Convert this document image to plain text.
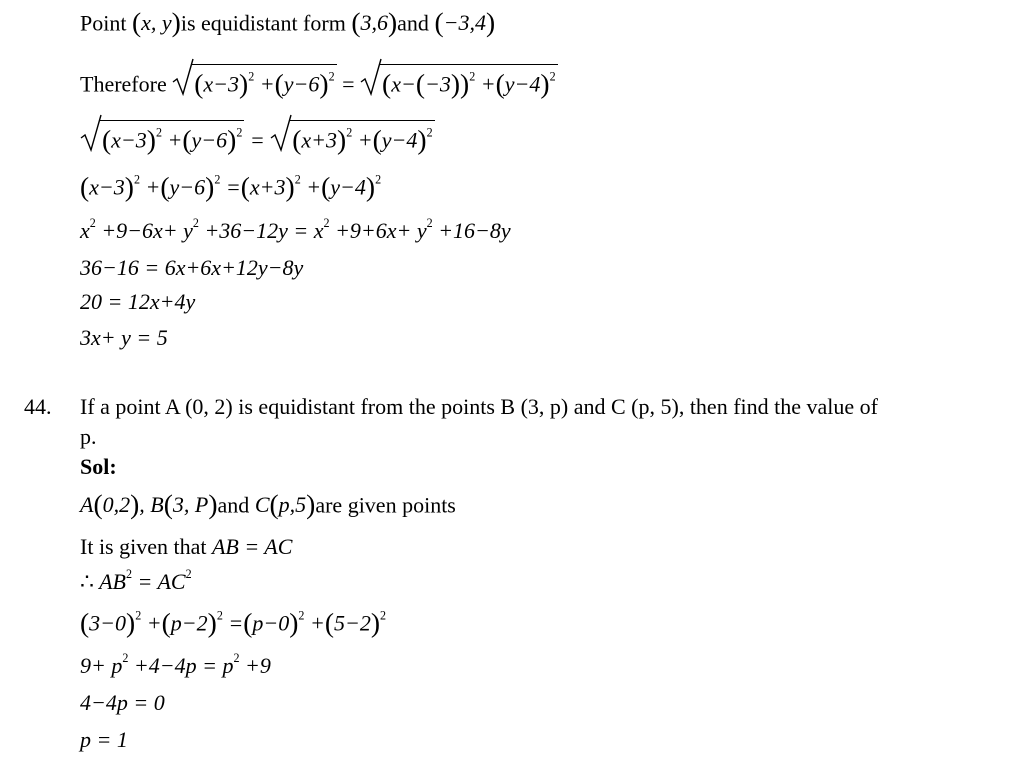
Point (x, y)is equidistant form (3,6)and (−3,4)
Therefore $(x-3)^2 +(y-6)^2$ =
$(x-(-3))^2 +(y-4)^2$
$(x-3)^2 +(y-6)^2$ =
$(x+3)^2 +(y-4)^2$
$(x-3)^2 +(y-6)^2 =(x+3)^2 +(y-4)^2$
$x^2 +9-6x+ y^2 +36-12y = x^2 +9+6x+ y^2 +16-8y$
36−16 = 6x+6x+12y−8y
20 = 12x+4y
3x+ y = 5
44. If a point A (0, 2) is equidistant from the points B (3, p) and C (p, 5), then find the value of
p.
Sol:
A(0,2), B(3, P)and C(p,5)are given points
It is given that AB = AC
∴ $AB^2 = AC^2$
$(3-0)^2 +(p-2)^2 =(p-0)^2 +(5-2)^2$
$9+ p^2 +4-4p = p^2 +9$
4−4p = 0
p = 1
